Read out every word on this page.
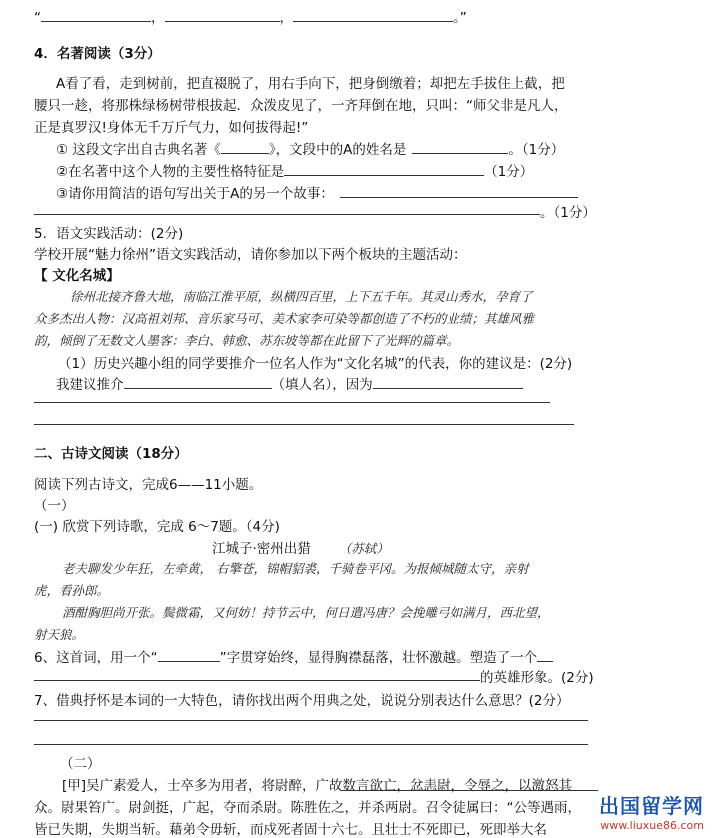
“	，	，	。”
4．名著阅读（3分）
A看了看，走到树前，把直裰脱了，用右手向下，把身倒缴着；却把左手拔住上截，把
腰只一趁，将那株绿杨树带根拔起．众泼皮见了，一齐拜倒在地，只叫：“师父非是凡人，
正是真罗汉!身体无千万斤气力，如何拔得起!”
① 这段文字出自古典名著《	》，文段中的A的姓名是	。（1分）
②在名著中这个人物的主要性格特征是	（1分）
③请你用简洁的语句写出关于A的另一个故事：
。（1分）
5．语文实践活动：(2分)
学校开展“魅力徐州”语文实践活动，请你参加以下两个板块的主题活动：
【 文化名城】
徐州北接齐鲁大地，南临江淮平原，纵横四百里，上下五千年。其灵山秀水，孕育了
众多杰出人物：汉高祖刘邦、音乐家马可、美术家李可染等都创造了不朽的业绩；其雄风雅
韵，倾倒了无数文人墨客：李白、韩愈、苏东坡等都在此留下了光辉的篇章。
（1）历史兴趣小组的同学要推介一位名人作为“文化名城”的代表，你的建议是：(2分)
我建议推介	（填人名），因为
二、古诗文阅读（18分）
阅读下列古诗文，完成6——11小题。
（一）
(一) 欣赏下列诗歌，完成 6～7题。（4分)
江城子·密州出猎 （苏轼）
老夫聊发少年狂，左牵黄， 右擎苍，锦帽貂裘，千骑卷平冈。为报倾城随太守，亲射
虎，看孙郎。
酒酣胸胆尚开张。鬓微霜，又何妨！持节云中，何日遣冯唐？会挽雕弓如满月，西北望，
射天狼。
6、这首词，用一个“	”字贯穿始终，显得胸襟磊落，壮怀激越。塑造了一个
的英雄形象。(2分)
7、借典抒怀是本词的一大特色，请你找出两个用典之处，说说分别表达什么意思？(2分）
（二）
[甲]吴广素爱人，士卒多为用者，将尉醉，广故数言欲亡，忿恚尉，令辱之，以激怒其
众。尉果笞广。尉剑挺，广起，夺而杀尉。陈胜佐之，并杀两尉。召令徒属曰：“公等遇雨，
皆已失期，失期当斩。藉弟令毋斩，而戍死者固十六七。且壮士不死即已，死即举大名
出国留学网
www.liuxue86.com
